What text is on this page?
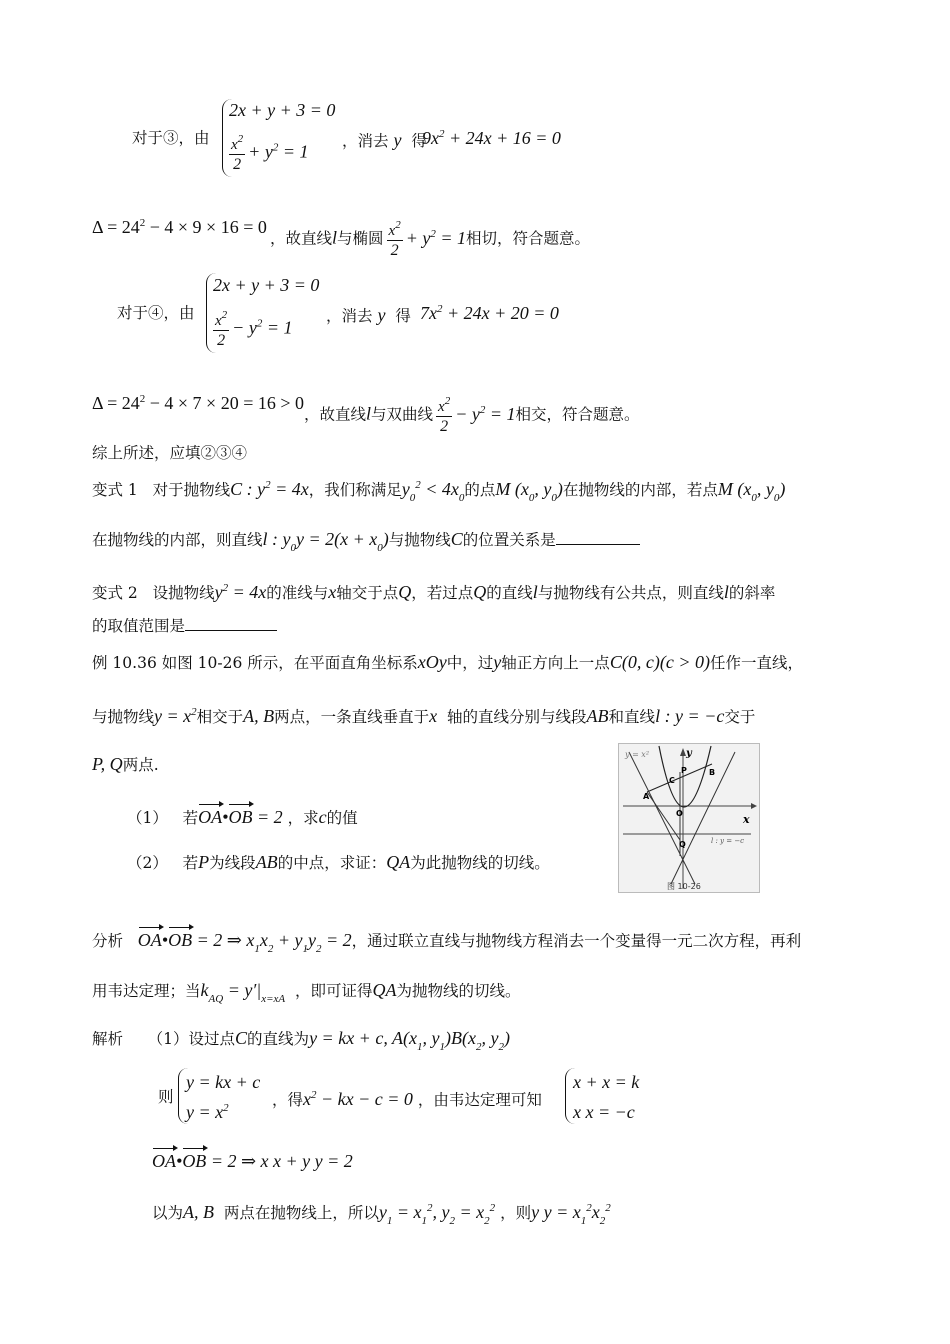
对于③，由
2x + y + 3 = 0
$\frac{x^2}{2} + y^2 = 1$
，消去 y 得
$9x^2 + 24x + 16 = 0$
$\Delta = 24^2 - 4 \times 9 \times 16 = 0$
，故直线l与椭圆 $\frac{x^2}{2} + y^2 = 1$相切，符合题意。
对于④，由
2x + y + 3 = 0
$\frac{x^2}{2} - y^2 = 1$
，消去 y 得 $7x^2 + 24x + 20 = 0$
$\Delta = 24^2 - 4 \times 7 \times 20 = 16 > 0$
，故直线l与双曲线 $\frac{x^2}{2} - y^2 = 1$相交，符合题意。
综上所述，应填②③④
变式 1 对于抛物线C : $y^2 = 4x$，我们称满足$y_0^2 < 4x_0$的点M ($x_0$, $y_0$)在抛物线的内部，若点M ($x_0$, $y_0$)
在抛物线的内部，则直线l : $y_0y = 2(x + x_0)$与抛物线C的位置关系是
变式 2 设抛物线$y^2 = 4x$的准线与x轴交于点Q，若过点Q的直线l与抛物线有公共点，则直线l的斜率
的取值范围是
例 10.36 如图 10-26 所示，在平面直角坐标系xOy中，过y轴正方向上一点C(0, c)(c > 0)任作一直线，
与抛物线$y = x^2$相交于A, B两点，一条直线垂直于x 轴的直线分别与线段AB和直线l : y = −c交于
P, Q两点.
（1） 若OA•OB = 2 ，求c的值
（2） 若P为线段AB的中点，求证：QA为此抛物线的切线。
y = x²	y
x
P	B
C
A
O
Q	l : y = −c
图 10-26
分析 OA•OB = 2 ⇒ $x_1x_2 + y_1y_2 = 2$，通过联立直线与抛物线方程消去一个变量得一元二次方程，再利
用韦达定理；当$k_{AQ} = y'|_{x=xA}$ ，即可证得QA为抛物线的切线。
解析 （1）设过点C的直线为y = kx + c, $A(x_1$, $y_1)B(x_2$, $y_2$)
则
y = kx + c
$y = x^2$	，得$x^2$ − kx − c = 0 ，由韦达定理可知
x + x = k
x x = −c
OA•OB = 2 ⇒ x x + y y = 2
以为A, B 两点在抛物线上，所以$y_1 = x_1^2$, $y_2 = x_2^2$ ，则y $y = x_1^2x_2^2$
